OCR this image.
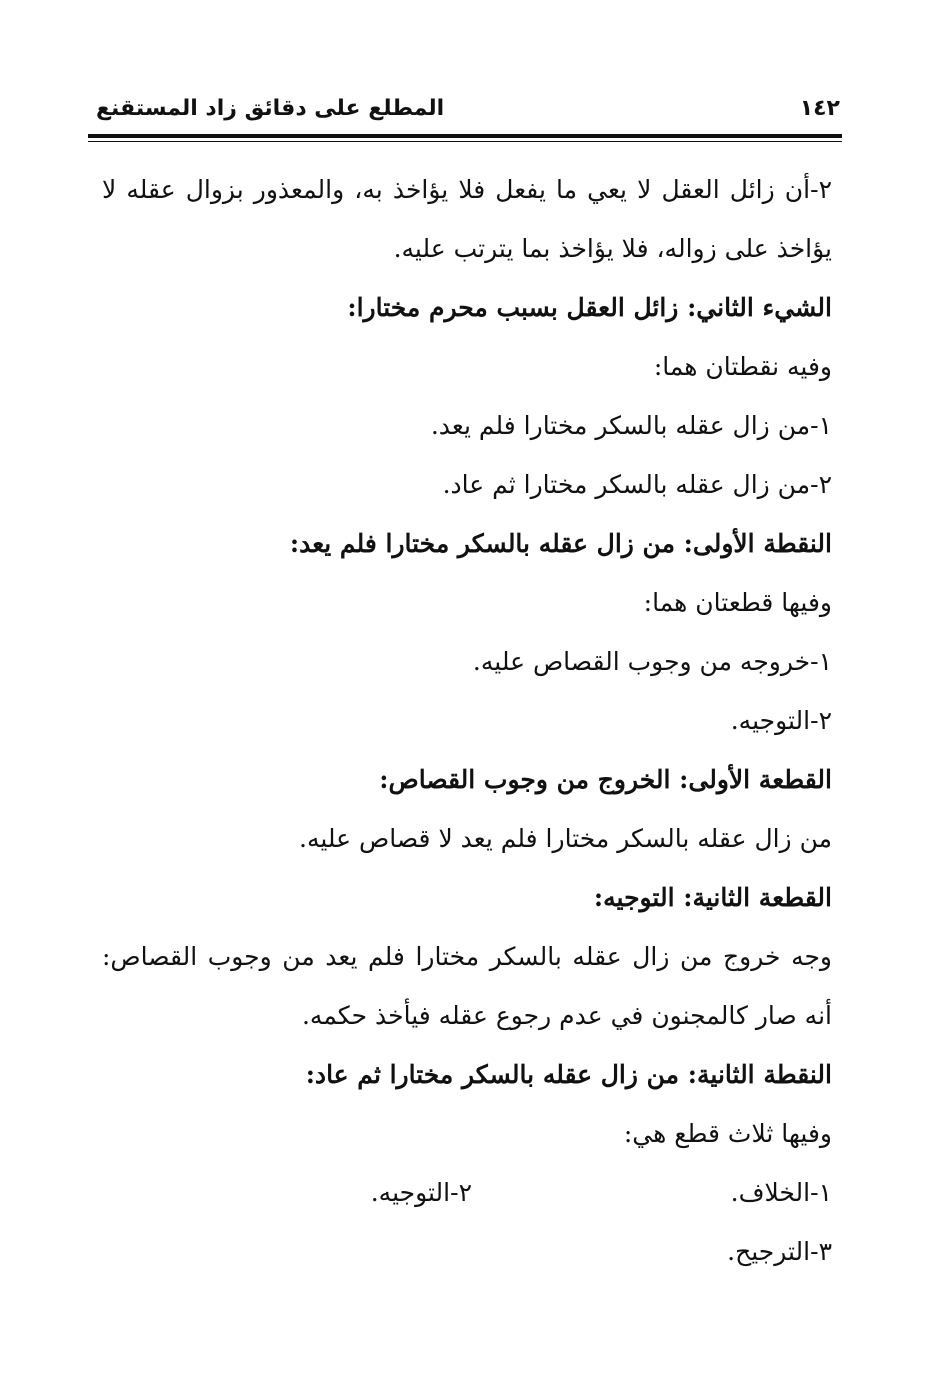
١٤٢
المطلع على دقائق زاد المستقنع
٢-أن زائل العقل لا يعي ما يفعل فلا يؤاخذ به، والمعذور بزوال عقله لا
يؤاخذ على زواله، فلا يؤاخذ بما يترتب عليه.
الشيء الثاني: زائل العقل بسبب محرم مختارا:
وفيه نقطتان هما:
١-من زال عقله بالسكر مختارا فلم يعد.
٢-من زال عقله بالسكر مختارا ثم عاد.
النقطة الأولى: من زال عقله بالسكر مختارا فلم يعد:
وفيها قطعتان هما:
١-خروجه من وجوب القصاص عليه.
٢-التوجيه.
القطعة الأولى: الخروج من وجوب القصاص:
من زال عقله بالسكر مختارا فلم يعد لا قصاص عليه.
القطعة الثانية: التوجيه:
وجه خروج من زال عقله بالسكر مختارا فلم يعد من وجوب القصاص:
أنه صار كالمجنون في عدم رجوع عقله فيأخذ حكمه.
النقطة الثانية: من زال عقله بالسكر مختارا ثم عاد:
وفيها ثلاث قطع هي:
١-الخلاف.
٢-التوجيه.
٣-الترجيح.
